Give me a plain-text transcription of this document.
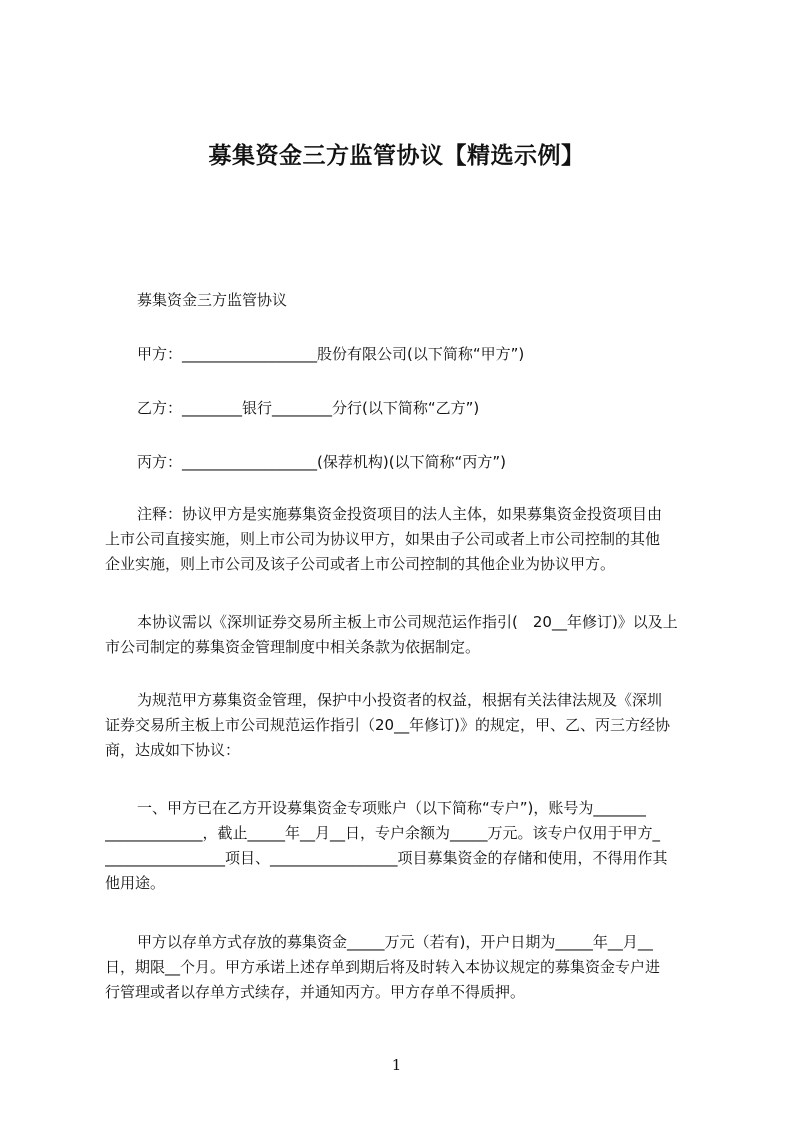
募集资金三方监管协议【精选示例】
募集资金三方监管协议
甲方：__________________股份有限公司(以下简称“甲方”)
乙方：________银行________分行(以下简称“乙方”)
丙方：__________________(保荐机构)(以下简称“丙方”)
注释：协议甲方是实施募集资金投资项目的法人主体，如果募集资金投资项目由
上市公司直接实施，则上市公司为协议甲方，如果由子公司或者上市公司控制的其他
企业实施，则上市公司及该子公司或者上市公司控制的其他企业为协议甲方。
本协议需以《深圳证券交易所主板上市公司规范运作指引(　20__年修订)》以及上
市公司制定的募集资金管理制度中相关条款为依据制定。
为规范甲方募集资金管理，保护中小投资者的权益，根据有关法律法规及《深圳
证券交易所主板上市公司规范运作指引（20__年修订)》的规定，甲、乙、丙三方经协
商，达成如下协议：
一、甲方已在乙方开设募集资金专项账户（以下简称“专户”)，账号为_______
_____________，截止_____年__月__日，专户余额为_____万元。该专户仅用于甲方_
________________项目、_________________项目募集资金的存储和使用，不得用作其
他用途。
甲方以存单方式存放的募集资金_____万元（若有)，开户日期为_____年__月__
日，期限__个月。甲方承诺上述存单到期后将及时转入本协议规定的募集资金专户进
行管理或者以存单方式续存，并通知丙方。甲方存单不得质押。
1
